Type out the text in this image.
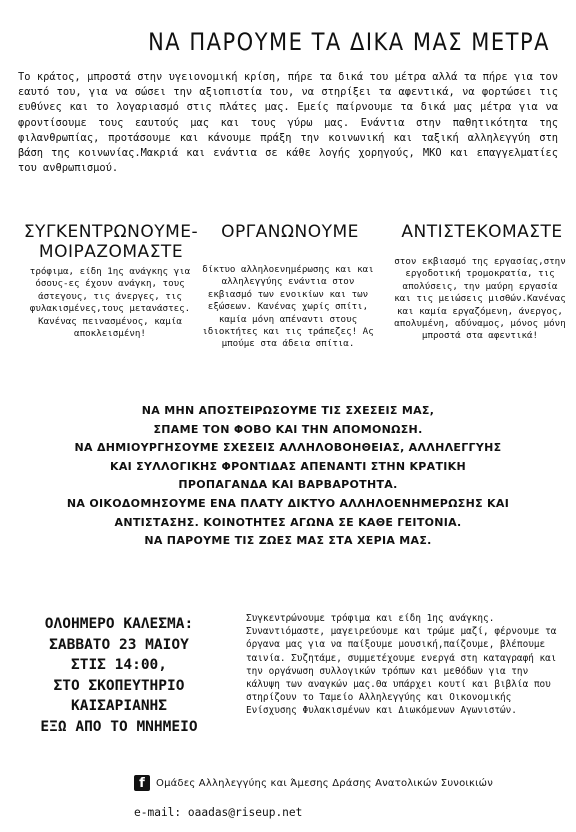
ΝΑ ΠΑΡΟΥΜΕ ΤΑ ΔΙΚΑ ΜΑΣ ΜΕΤΡΑ
Το κράτος, μπροστά στην υγειονομική κρίση, πήρε τα δικά του μέτρα αλλά τα πήρε για τον εαυτό του, για να σώσει την αξιοπιστία του, να στηρίξει τα αφεντικά, να φορτώσει τις ευθύνες και το λογαριασμό στις πλάτες μας. Εμείς παίρνουμε τα δικά μας μέτρα για να φροντίσουμε τους εαυτούς μας και τους γύρω μας. Ενάντια στην παθητικότητα της φιλανθρωπίας, προτάσουμε και κάνουμε πράξη την κοινωνική και ταξική αλληλεγγύη στη βάση της κοινωνίας.Μακριά και ενάντια σε κάθε λογής χορηγούς, ΜΚΟ και επαγγελματίες του ανθρωπισμού.
ΣΥΓΚΕΝΤΡΩΝΟΥΜΕ- ΜΟΙΡΑΖΟΜΑΣΤΕ
τρόφιμα, είδη 1ης ανάγκης για όσους-ες έχουν ανάγκη, τους άστεγους, τις άνεργες, τις φυλακισμένες,τους μετανάστες. Κανένας πεινασμένος, καμία αποκλεισμένη!
ΟΡΓΑΝΩΝΟΥΜΕ
δίκτυο αλληλοενημέρωσης και και αλληλεγγύης ενάντια στον εκβιασμό των ενοικίων και των εξώσεων. Κανένας χωρίς σπίτι, καμία μόνη απέναντι στους ιδιοκτήτες και τις τράπεζες! Ας μπούμε στα άδεια σπίτια.
ΑΝΤΙΣΤΕΚΟΜΑΣΤΕ
στον εκβιασμό της εργασίας,στην εργοδοτική τρομοκρατία, τις απολύσεις, την μαύρη εργασία και τις μειώσεις μισθών.Κανένας και καμία εργαζόμενη, άνεργος, απολυμένη, αδύναμος, μόνος μόνη μπροστά στα αφεντικά!
ΝΑ ΜΗΝ ΑΠΟΣΤΕΙΡΩΣΟΥΜΕ ΤΙΣ ΣΧΕΣΕΙΣ ΜΑΣ,
ΣΠΑΜΕ ΤΟΝ ΦΟΒΟ ΚΑΙ ΤΗΝ ΑΠΟΜΟΝΩΣΗ.
ΝΑ ΔΗΜΙΟΥΡΓΗΣΟΥΜΕ ΣΧΕΣΕΙΣ ΑΛΛΗΛΟΒΟΗΘΕΙΑΣ, ΑΛΛΗΛΕΓΓΥΗΣ
ΚΑΙ ΣΥΛΛΟΓΙΚΗΣ ΦΡΟΝΤΙΔΑΣ ΑΠΕΝΑΝΤΙ ΣΤΗΝ ΚΡΑΤΙΚΗ
ΠΡΟΠΑΓΑΝΔΑ ΚΑΙ ΒΑΡΒΑΡΟΤΗΤΑ.
ΝΑ ΟΙΚΟΔΟΜΗΣΟΥΜΕ ΕΝΑ ΠΛΑΤΥ ΔΙΚΤΥΟ ΑΛΛΗΛΟΕΝΗΜΕΡΩΣΗΣ ΚΑΙ
ΑΝΤΙΣΤΑΣΗΣ. ΚΟΙΝΟΤΗΤΕΣ ΑΓΩΝΑ ΣΕ ΚΑΘΕ ΓΕΙΤΟΝΙΑ.
ΝΑ ΠΑΡΟΥΜΕ ΤΙΣ ΖΩΕΣ ΜΑΣ ΣΤΑ ΧΕΡΙΑ ΜΑΣ.
ΟΛΟΗΜΕΡΟ ΚΑΛΕΣΜΑ:
ΣΑΒΒΑΤΟ 23 ΜΑΙΟΥ
ΣΤΙΣ 14:00,
ΣΤΟ ΣΚΟΠΕΥΤΗΡΙΟ
ΚΑΙΣΑΡΙΑΝΗΣ
ΕΞΩ ΑΠΟ ΤΟ ΜΝΗΜΕΙΟ
Συγκεντρώνουμε τρόφιμα και είδη 1ης ανάγκης. Συναντιόμαστε, μαγειρεύουμε και τρώμε μαζί, φέρνουμε τα όργανα μας για να παίξουμε μουσική,παίζουμε, βλέπουμε ταινία. Συζητάμε, συμμετέχουμε ενεργά στη καταγραφή και την οργάνωση συλλογικών τρόπων και μεθόδων για την κάλυψη των αναγκών μας.Θα υπάρχει κουτί και βιβλία που στηρίζουν το Ταμείο Αλληλεγγύης και Οικονομικής Ενίσχυσης Φυλακισμένων και Διωκόμενων Αγωνιστών.
f	Ομάδες Αλληλεγγύης και Άμεσης Δράσης Ανατολικών Συνοικιών
e-mail: oaadas@riseup.net
